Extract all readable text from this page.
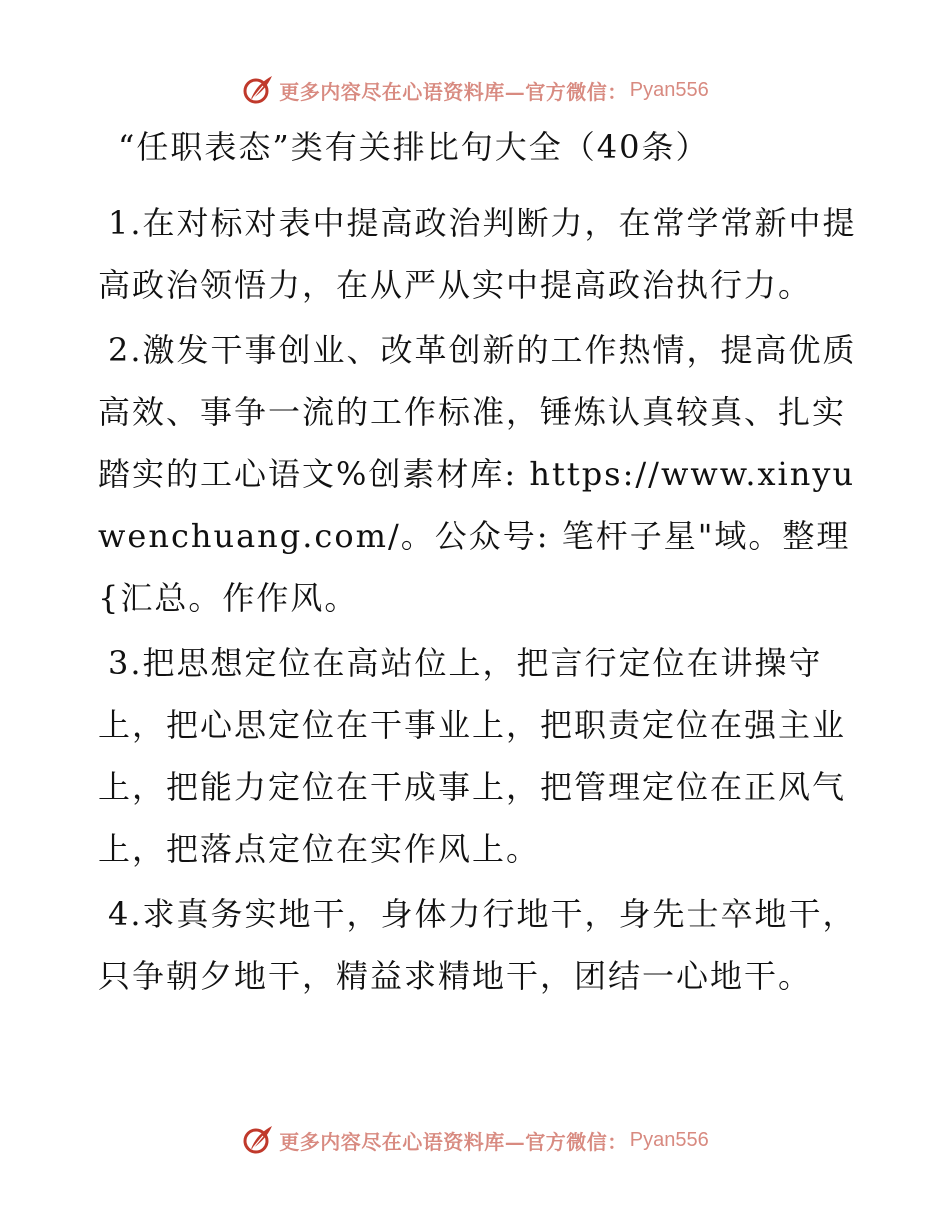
更多内容尽在心语资料库—官方微信： Pyan556
“任职表态”类有关排比句大全（40条）
1.在对标对表中提高政治判断力，在常学常新中提高政治领悟力，在从严从实中提高政治执行力。
2.激发干事创业、改革创新的工作热情，提高优质高效、事争一流的工作标准，锤炼认真较真、扎实踏实的工心语文%创素材库: https://www.xinyuwenchuang.com/。公众号: 笔杆子星"域。整理{汇总。作作风。
3.把思想定位在高站位上，把言行定位在讲操守上，把心思定位在干事业上，把职责定位在强主业上，把能力定位在干成事上，把管理定位在正风气上，把落点定位在实作风上。
4.求真务实地干，身体力行地干，身先士卒地干，只争朝夕地干，精益求精地干，团结一心地干。
更多内容尽在心语资料库—官方微信： Pyan556
